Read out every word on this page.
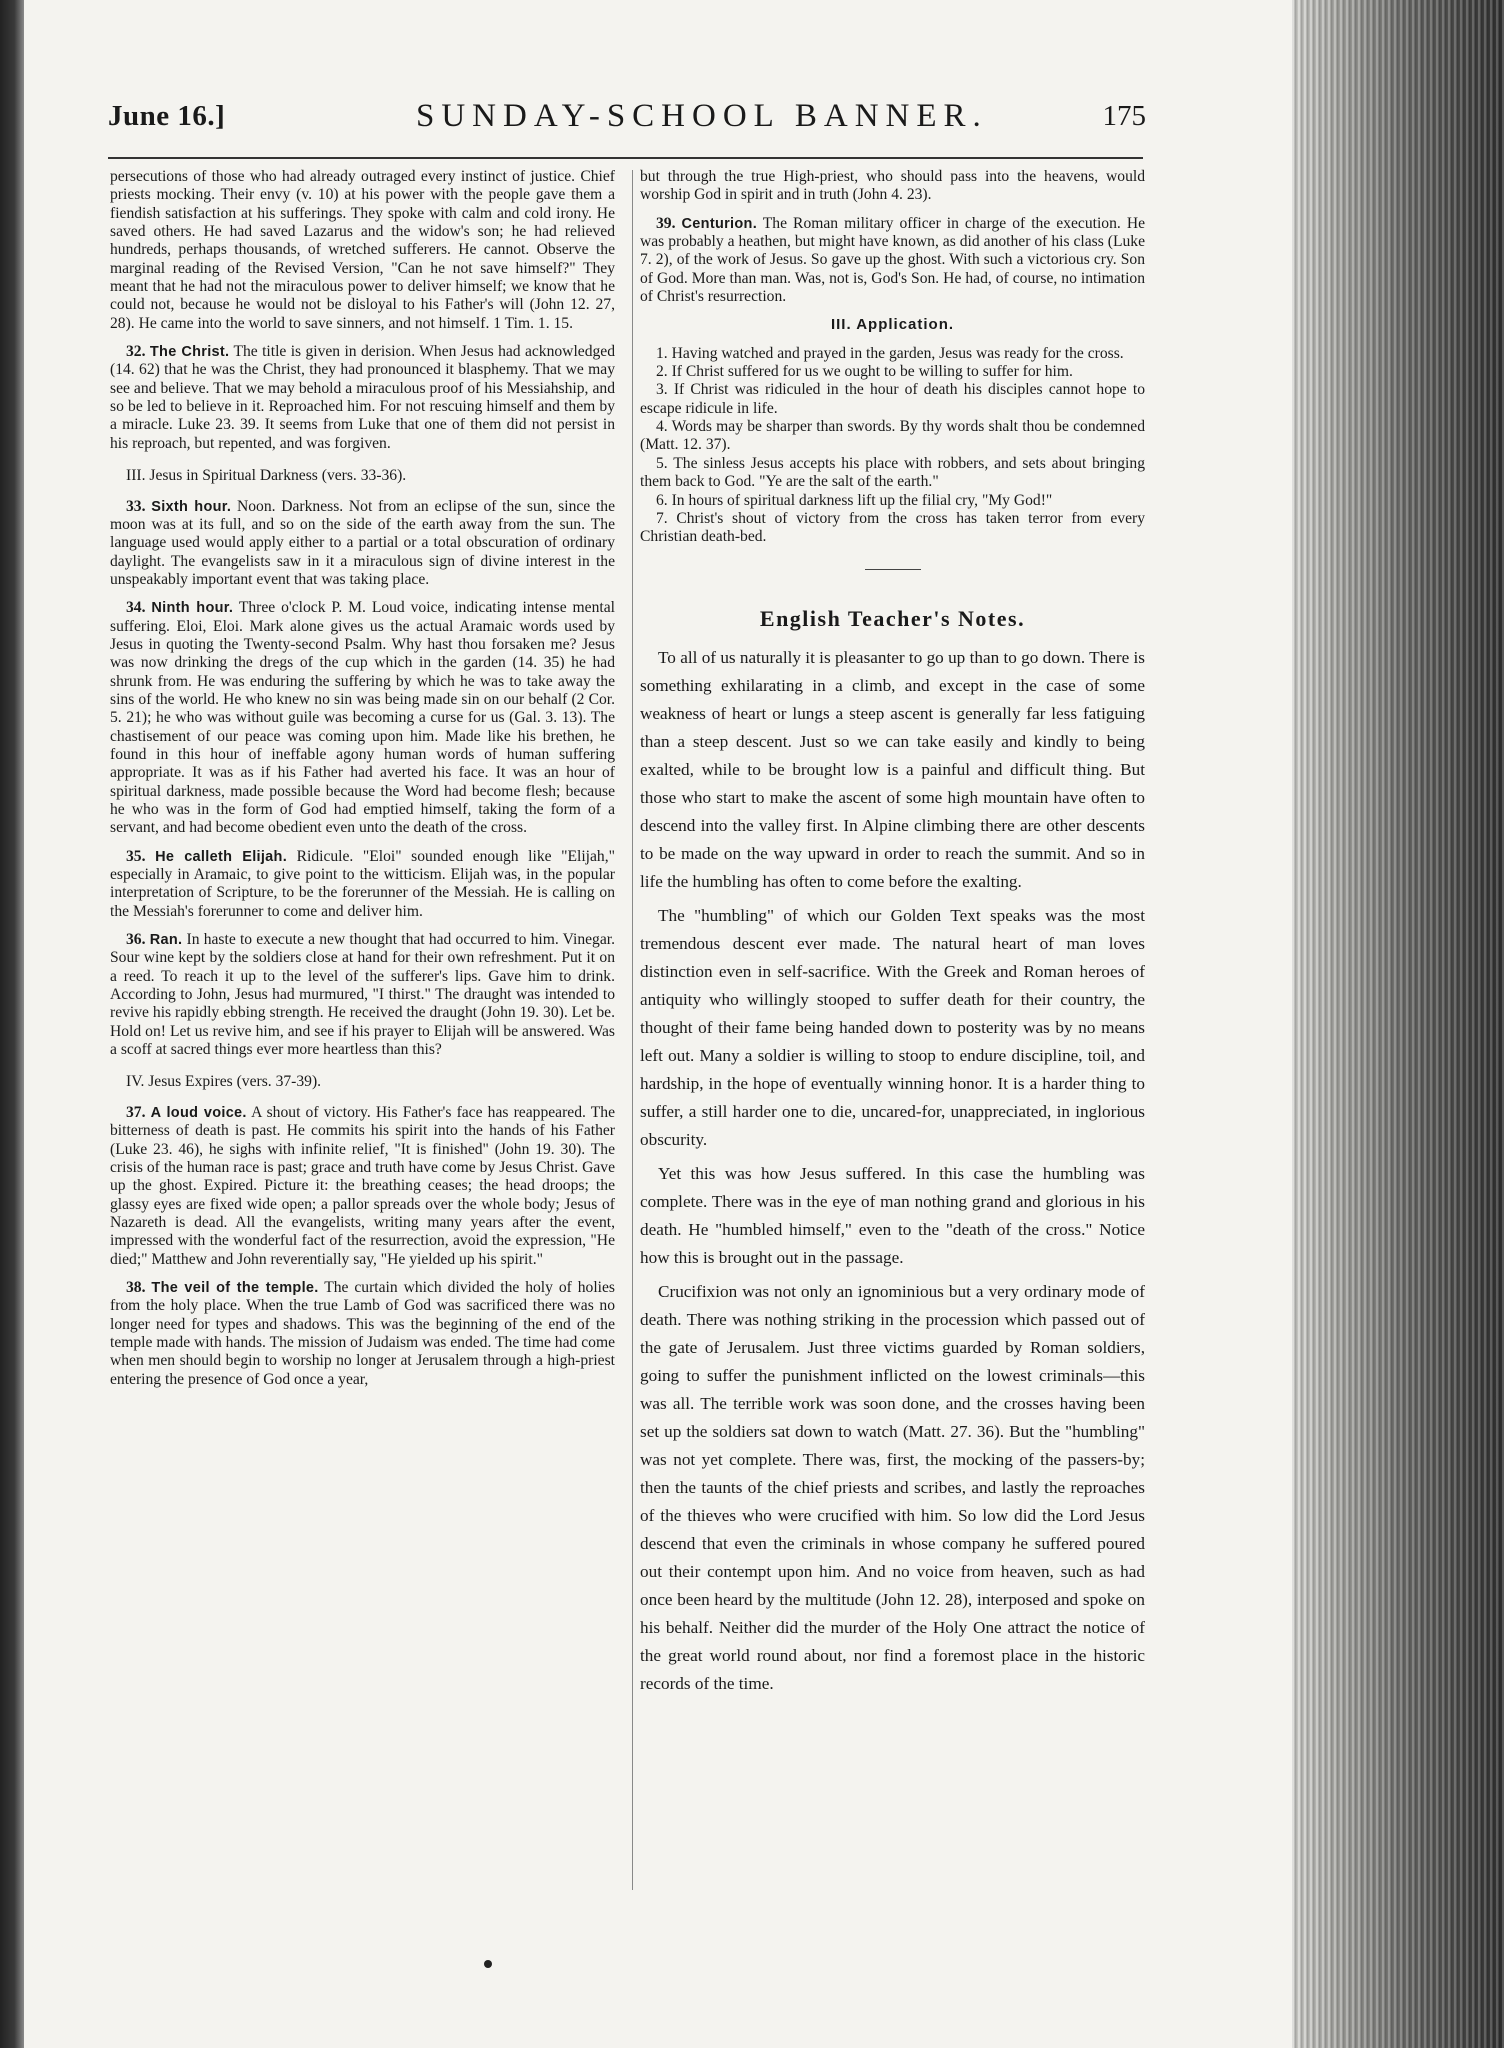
June 16.]	SUNDAY-SCHOOL BANNER.	175

persecutions of those who had already outraged every instinct of justice. Chief priests mocking. Their envy (v. 10) at his power with the people gave them a fiendish satisfaction at his sufferings. They spoke with calm and cold irony. He saved others. He had saved Lazarus and the widow's son; he had relieved hundreds, perhaps thousands, of wretched sufferers. He cannot. Observe the marginal reading of the Revised Version, "Can he not save himself?" They meant that he had not the miraculous power to deliver himself; we know that he could not, because he would not be disloyal to his Father's will (John 12. 27, 28). He came into the world to save sinners, and not himself. 1 Tim. 1. 15.

32. The Christ. The title is given in derision. When Jesus had acknowledged (14. 62) that he was the Christ, they had pronounced it blasphemy. That we may see and believe. That we may behold a miraculous proof of his Messiahship, and so be led to believe in it. Reproached him. For not rescuing himself and them by a miracle. Luke 23. 39. It seems from Luke that one of them did not persist in his reproach, but repented, and was forgiven.

III. Jesus in Spiritual Darkness (vers. 33-36).

33. Sixth hour. Noon. Darkness. Not from an eclipse of the sun, since the moon was at its full, and so on the side of the earth away from the sun. The language used would apply either to a partial or a total obscuration of ordinary daylight. The evangelists saw in it a miraculous sign of divine interest in the unspeakably important event that was taking place.

34. Ninth hour. Three o'clock P. M. Loud voice, indicating intense mental suffering. Eloi, Eloi. Mark alone gives us the actual Aramaic words used by Jesus in quoting the Twenty-second Psalm. Why hast thou forsaken me? Jesus was now drinking the dregs of the cup which in the garden (14. 35) he had shrunk from. He was enduring the suffering by which he was to take away the sins of the world. He who knew no sin was being made sin on our behalf (2 Cor. 5. 21); he who was without guile was becoming a curse for us (Gal. 3. 13). The chastisement of our peace was coming upon him. Made like his brethen, he found in this hour of ineffable agony human words of human suffering appropriate. It was as if his Father had averted his face. It was an hour of spiritual darkness, made possible because the Word had become flesh; because he who was in the form of God had emptied himself, taking the form of a servant, and had become obedient even unto the death of the cross.

35. He calleth Elijah. Ridicule. "Eloi" sounded enough like "Elijah," especially in Aramaic, to give point to the witticism. Elijah was, in the popular interpretation of Scripture, to be the forerunner of the Messiah. He is calling on the Messiah's forerunner to come and deliver him.

36. Ran. In haste to execute a new thought that had occurred to him. Vinegar. Sour wine kept by the soldiers close at hand for their own refreshment. Put it on a reed. To reach it up to the level of the sufferer's lips. Gave him to drink. According to John, Jesus had murmured, "I thirst." The draught was intended to revive his rapidly ebbing strength. He received the draught (John 19. 30). Let be. Hold on! Let us revive him, and see if his prayer to Elijah will be answered. Was a scoff at sacred things ever more heartless than this?

IV. Jesus Expires (vers. 37-39).

37. A loud voice. A shout of victory. His Father's face has reappeared. The bitterness of death is past. He commits his spirit into the hands of his Father (Luke 23. 46), he sighs with infinite relief, "It is finished" (John 19. 30). The crisis of the human race is past; grace and truth have come by Jesus Christ. Gave up the ghost. Expired. Picture it: the breathing ceases; the head droops; the glassy eyes are fixed wide open; a pallor spreads over the whole body; Jesus of Nazareth is dead. All the evangelists, writing many years after the event, impressed with the wonderful fact of the resurrection, avoid the expression, "He died;" Matthew and John reverentially say, "He yielded up his spirit."

38. The veil of the temple. The curtain which divided the holy of holies from the holy place. When the true Lamb of God was sacrificed there was no longer need for types and shadows. This was the beginning of the end of the temple made with hands. The mission of Judaism was ended. The time had come when men should begin to worship no longer at Jerusalem through a high-priest entering the presence of God once a year,

but through the true High-priest, who should pass into the heavens, would worship God in spirit and in truth (John 4. 23).

39. Centurion. The Roman military officer in charge of the execution. He was probably a heathen, but might have known, as did another of his class (Luke 7. 2), of the work of Jesus. So gave up the ghost. With such a victorious cry. Son of God. More than man. Was, not is, God's Son. He had, of course, no intimation of Christ's resurrection.

III. Application.

1. Having watched and prayed in the garden, Jesus was ready for the cross.

2. If Christ suffered for us we ought to be willing to suffer for him.

3. If Christ was ridiculed in the hour of death his disciples cannot hope to escape ridicule in life.

4. Words may be sharper than swords. By thy words shalt thou be condemned (Matt. 12. 37).

5. The sinless Jesus accepts his place with robbers, and sets about bringing them back to God. "Ye are the salt of the earth."

6. In hours of spiritual darkness lift up the filial cry, "My God!"

7. Christ's shout of victory from the cross has taken terror from every Christian death-bed.

English Teacher's Notes.

To all of us naturally it is pleasanter to go up than to go down. There is something exhilarating in a climb, and except in the case of some weakness of heart or lungs a steep ascent is generally far less fatiguing than a steep descent. Just so we can take easily and kindly to being exalted, while to be brought low is a painful and difficult thing. But those who start to make the ascent of some high mountain have often to descend into the valley first. In Alpine climbing there are other descents to be made on the way upward in order to reach the summit. And so in life the humbling has often to come before the exalting.

The "humbling" of which our Golden Text speaks was the most tremendous descent ever made. The natural heart of man loves distinction even in self-sacrifice. With the Greek and Roman heroes of antiquity who willingly stooped to suffer death for their country, the thought of their fame being handed down to posterity was by no means left out. Many a soldier is willing to stoop to endure discipline, toil, and hardship, in the hope of eventually winning honor. It is a harder thing to suffer, a still harder one to die, uncared-for, unappreciated, in inglorious obscurity.

Yet this was how Jesus suffered. In this case the humbling was complete. There was in the eye of man nothing grand and glorious in his death. He "humbled himself," even to the "death of the cross." Notice how this is brought out in the passage.

Crucifixion was not only an ignominious but a very ordinary mode of death. There was nothing striking in the procession which passed out of the gate of Jerusalem. Just three victims guarded by Roman soldiers, going to suffer the punishment inflicted on the lowest criminals—this was all. The terrible work was soon done, and the crosses having been set up the soldiers sat down to watch (Matt. 27. 36). But the "humbling" was not yet complete. There was, first, the mocking of the passers-by; then the taunts of the chief priests and scribes, and lastly the reproaches of the thieves who were crucified with him. So low did the Lord Jesus descend that even the criminals in whose company he suffered poured out their contempt upon him. And no voice from heaven, such as had once been heard by the multitude (John 12. 28), interposed and spoke on his behalf. Neither did the murder of the Holy One attract the notice of the great world round about, nor find a foremost place in the historic records of the time.
